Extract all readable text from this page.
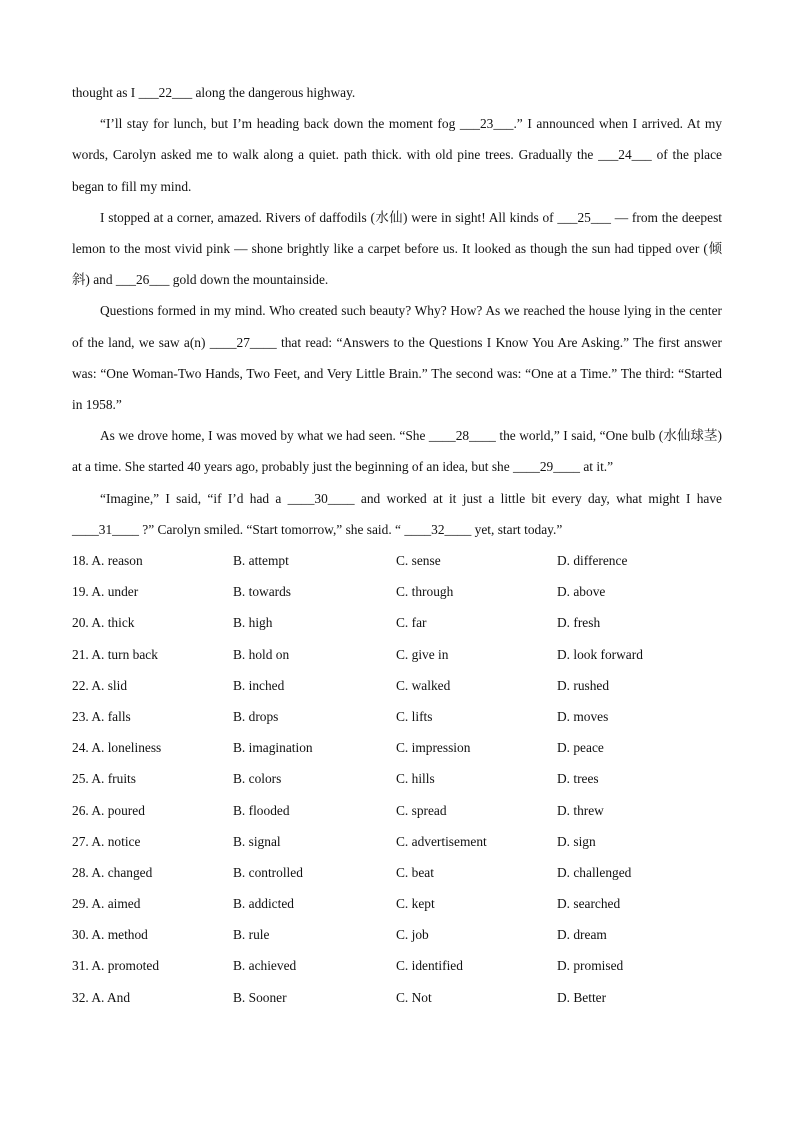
thought as I ___22___ along the dangerous highway.

“I’ll stay for lunch, but I’m heading back down the moment fog ___23___.” I announced when I arrived. At my words, Carolyn asked me to walk along a quiet. path thick. with old pine trees. Gradually the ___24___ of the place began to fill my mind.

I stopped at a corner, amazed. Rivers of daffodils (水仙) were in sight! All kinds of ___25___ — from the deepest lemon to the most vivid pink — shone brightly like a carpet before us. It looked as though the sun had tipped over (倾斜) and ___26___ gold down the mountainside.

Questions formed in my mind. Who created such beauty? Why? How? As we reached the house lying in the center of the land, we saw a(n) ____27____ that read: “Answers to the Questions I Know You Are Asking.” The first answer was: “One Woman-Two Hands, Two Feet, and Very Little Brain.” The second was: “One at a Time.” The third: “Started in 1958.”

As we drove home, I was moved by what we had seen. “She ____28____ the world,” I said, “One bulb (水仙球茎) at a time. She started 40 years ago, probably just the beginning of an idea, but she ____29____ at it.”

“Imagine,” I said, “if I’d had a ____30____ and worked at it just a little bit every day, what might I have ____31____ ?” Carolyn smiled. “Start tomorrow,” she said. “ ____32____ yet, start today.”

18. A. reason	B. attempt	C. sense	D. difference
19. A. under	B. towards	C. through	D. above
20. A. thick	B. high	C. far	D. fresh
21. A. turn back	B. hold on	C. give in	D. look forward
22. A. slid	B. inched	C. walked	D. rushed
23. A. falls	B. drops	C. lifts	D. moves
24. A. loneliness	B. imagination	C. impression	D. peace
25. A. fruits	B. colors	C. hills	D. trees
26. A. poured	B. flooded	C. spread	D. threw
27. A. notice	B. signal	C. advertisement	D. sign
28. A. changed	B. controlled	C. beat	D. challenged
29. A. aimed	B. addicted	C. kept	D. searched
30. A. method	B. rule	C. job	D. dream
31. A. promoted	B. achieved	C. identified	D. promised
32. A. And	B. Sooner	C. Not	D. Better
